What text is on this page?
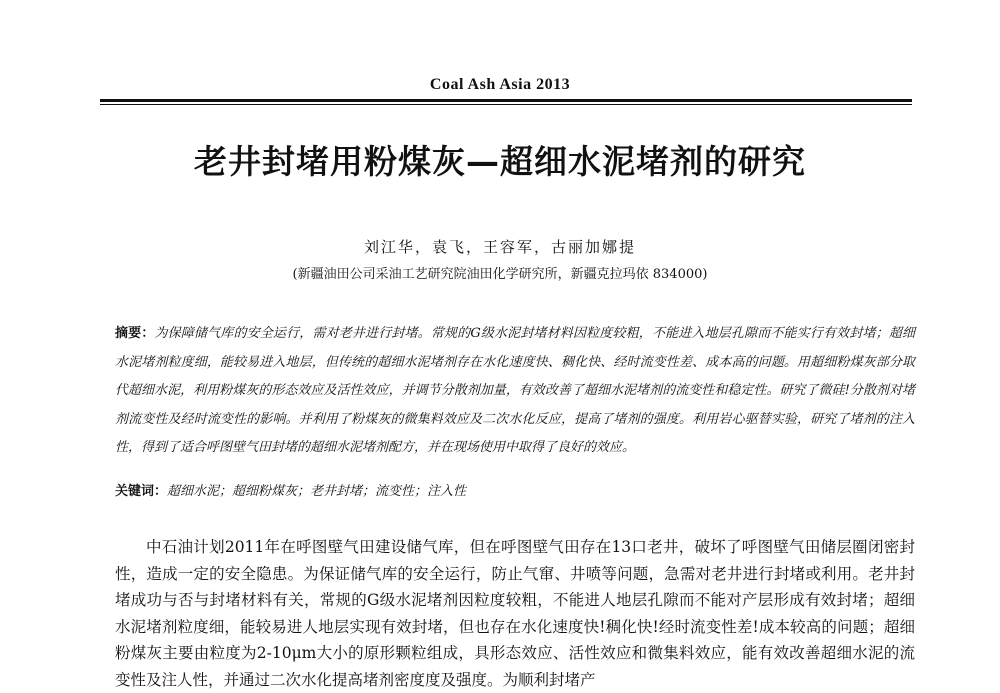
Coal Ash Asia 2013
老井封堵用粉煤灰—超细水泥堵剂的研究
刘江华，袁飞，王容军，古丽加娜提
(新疆油田公司采油工艺研究院油田化学研究所，新疆克拉玛依 834000)
摘要：为保障储气库的安全运行，需对老井进行封堵。常规的G级水泥封堵材料因粒度较粗，不能进入地层孔隙而不能实行有效封堵；超细水泥堵剂粒度细，能较易进入地层，但传统的超细水泥堵剂存在水化速度快、稠化快、经时流变性差、成本高的问题。用超细粉煤灰部分取代超细水泥，利用粉煤灰的形态效应及活性效应，并调节分散剂加量，有效改善了超细水泥堵剂的流变性和稳定性。研究了微硅!分散剂对堵剂流变性及经时流变性的影响。并利用了粉煤灰的微集料效应及二次水化反应，提高了堵剂的强度。利用岩心驱替实验，研究了堵剂的注入性，得到了适合呼图壁气田封堵的超细水泥堵剂配方，并在现场使用中取得了良好的效应。
关键词：超细水泥；超细粉煤灰；老井封堵；流变性；注入性
中石油计划2011年在呼图壁气田建设储气库，但在呼图壁气田存在13口老井，破坏了呼图壁气田储层圈闭密封性，造成一定的安全隐患。为保证储气库的安全运行，防止气窜、井喷等问题，急需对老井进行封堵或利用。老井封堵成功与否与封堵材料有关，常规的G级水泥堵剂因粒度较粗，不能进人地层孔隙而不能对产层形成有效封堵；超细水泥堵剂粒度细，能较易进人地层实现有效封堵，但也存在水化速度快!稠化快!经时流变性差!成本较高的问题；超细粉煤灰主要由粒度为2-10μm大小的原形颗粒组成，具形态效应、活性效应和微集料效应，能有效改善超细水泥的流变性及注人性，并通过二次水化提高堵剂密度度及强度。为顺利封堵产
